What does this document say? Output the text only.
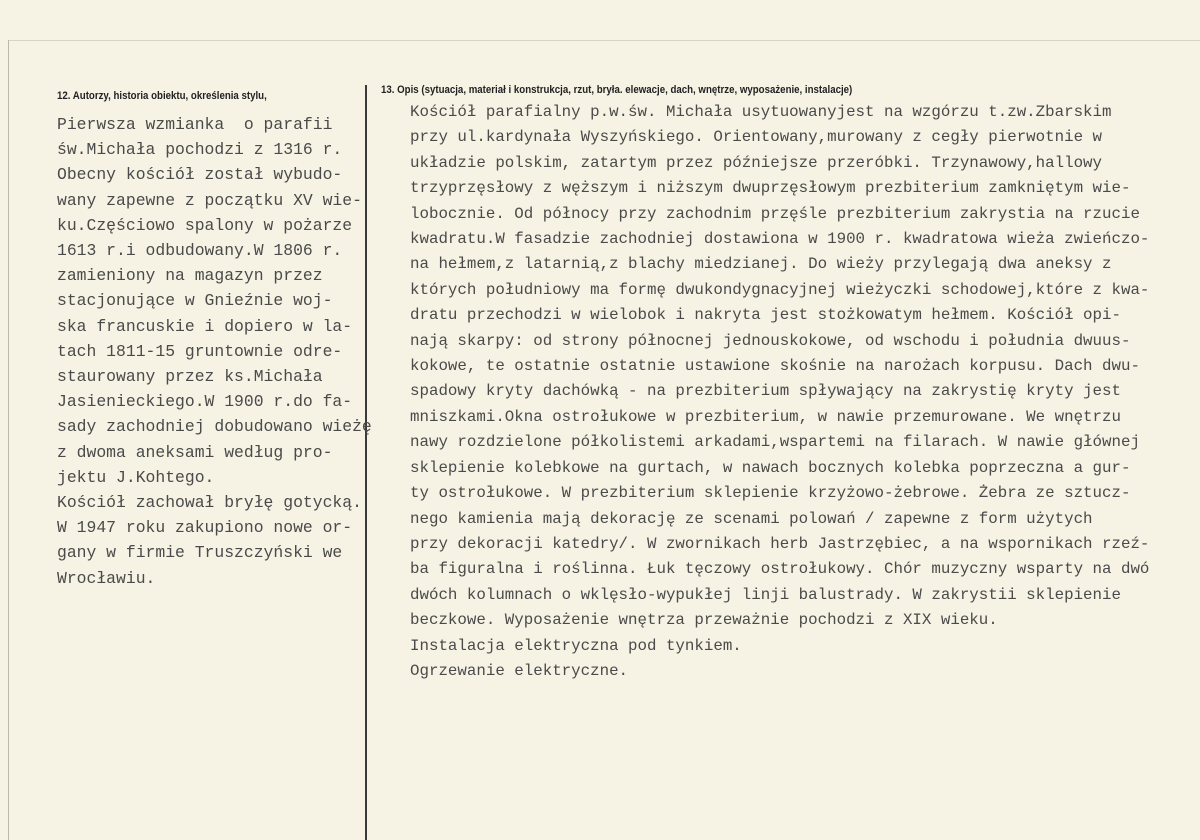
12. Autorzy, historia obiektu, określenia stylu,	13. Opis (sytuacja, materiał i konstrukcja, rzut, bryła. elewacje, dach, wnętrze, wyposażenie, instalacje)
Pierwsza wzmianka  o parafii
św.Michała pochodzi z 1316 r.
Obecny kościół został wybudo-
wany zapewne z początku XV wie-
ku.Częściowo spalony w pożarze
1613 r.i odbudowany.W 1806 r.
zamieniony na magazyn przez
stacjonujące w Gnieźnie woj-
ska francuskie i dopiero w la-
tach 1811-15 gruntownie odre-
staurowany przez ks.Michała
Jasienieckiego.W 1900 r.do fa-
sady zachodniej dobudowano wieżę
z dwoma aneksami według pro-
jektu J.Kohtego.
Kościół zachował bryłę gotycką.
W 1947 roku zakupiono nowe or-
gany w firmie Truszczyński we
Wrocławiu.
Kościół parafialny p.w.św. Michała usytuowanyjest na wzgórzu t.zw.Zbarskim
przy ul.kardynała Wyszyńskiego. Orientowany,murowany z cegły pierwotnie w
układzie polskim, zatartym przez późniejsze przeróbki. Trzynawowy,hallowy
trzyprzęsłowy z węższym i niższym dwuprzęsłowym prezbiterium zamkniętym wie-
lobocznie. Od północy przy zachodnim przęśle prezbiterium zakrystia na rzucie
kwadratu.W fasadzie zachodniej dostawiona w 1900 r. kwadratowa wieża zwieńczo-
na hełmem,z latarnią,z blachy miedzianej. Do wieży przylegają dwa aneksy z
których południowy ma formę dwukondygnacyjnej wieżyczki schodowej,które z kwa-
dratu przechodzi w wielobok i nakryta jest stożkowatym hełmem. Kościół opi-
nają skarpy: od strony północnej jednouskokowe, od wschodu i południa dwuus-
kokowe, te ostatnie ostatnie ustawione skośnie na narożach korpusu. Dach dwu-
spadowy kryty dachówką - na prezbiterium spływający na zakrystię kryty jest
mniszkami.Okna ostrołukowe w prezbiterium, w nawie przemurowane. We wnętrzu
nawy rozdzielone półkolistemi arkadami,wspartemi na filarach. W nawie głównej
sklepienie kolebkowe na gurtach, w nawach bocznych kolebka poprzeczna a gur-
ty ostrołukowe. W prezbiterium sklepienie krzyżowo-żebrowe. Żebra ze sztucz-
nego kamienia mają dekorację ze scenami polowań / zapewne z form użytych
przy dekoracji katedry/. W zwornikach herb Jastrzębiec, a na wspornikach rzeź-
ba figuralna i roślinna. Łuk tęczowy ostrołukowy. Chór muzyczny wsparty na dwó
dwóch kolumnach o wklęsło-wypukłej linji balustrady. W zakrystii sklepienie
beczkowe. Wyposażenie wnętrza przeważnie pochodzi z XIX wieku.
Instalacja elektryczna pod tynkiem.
Ogrzewanie elektryczne.
